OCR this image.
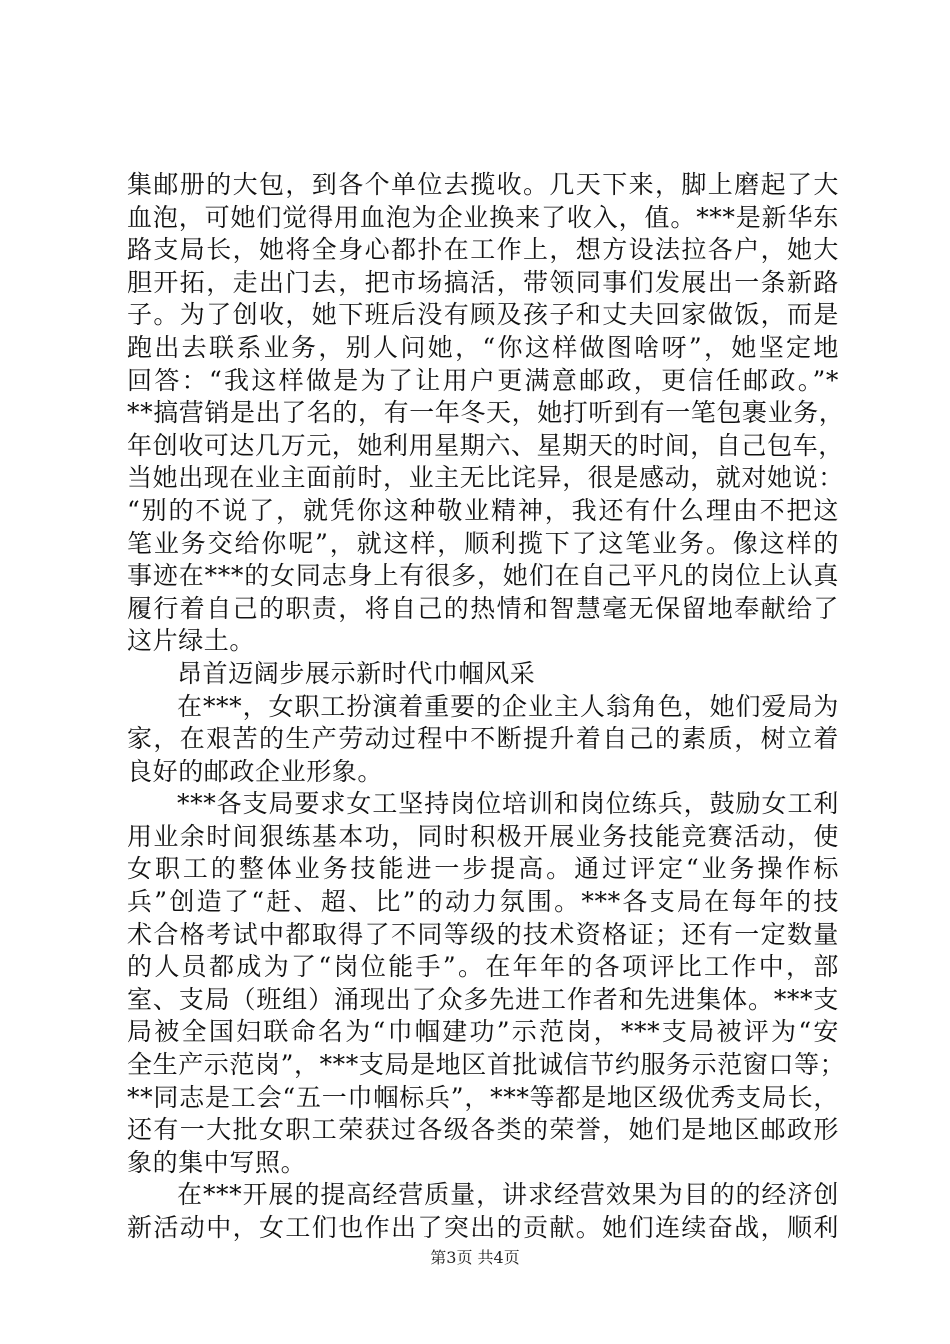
集邮册的大包，到各个单位去揽收。几天下来，脚上磨起了大
血泡，可她们觉得用血泡为企业换来了收入，值。***是新华东
路支局长，她将全身心都扑在工作上，想方设法拉各户，她大
胆开拓，走出门去，把市场搞活，带领同事们发展出一条新路
子。为了创收，她下班后没有顾及孩子和丈夫回家做饭，而是
跑出去联系业务，别人问她，“你这样做图啥呀”，她坚定地
回答：“我这样做是为了让用户更满意邮政，更信任邮政。”*
**搞营销是出了名的，有一年冬天，她打听到有一笔包裹业务，
年创收可达几万元，她利用星期六、星期天的时间，自己包车，
当她出现在业主面前时，业主无比诧异，很是感动，就对她说：
“别的不说了，就凭你这种敬业精神，我还有什么理由不把这
笔业务交给你呢”，就这样，顺利揽下了这笔业务。像这样的
事迹在***的女同志身上有很多，她们在自己平凡的岗位上认真
履行着自己的职责，将自己的热情和智慧毫无保留地奉献给了
这片绿土。
昂首迈阔步展示新时代巾帼风采
在***，女职工扮演着重要的企业主人翁角色，她们爱局为
家，在艰苦的生产劳动过程中不断提升着自己的素质，树立着
良好的邮政企业形象。
***各支局要求女工坚持岗位培训和岗位练兵，鼓励女工利
用业余时间狠练基本功，同时积极开展业务技能竞赛活动，使
女职工的整体业务技能进一步提高。通过评定“业务操作标
兵”创造了“赶、超、比”的动力氛围。***各支局在每年的技
术合格考试中都取得了不同等级的技术资格证；还有一定数量
的人员都成为了“岗位能手”。在年年的各项评比工作中，部
室、支局（班组）涌现出了众多先进工作者和先进集体。***支
局被全国妇联命名为“巾帼建功”示范岗，***支局被评为“安
全生产示范岗”，***支局是地区首批诚信节约服务示范窗口等；
**同志是工会“五一巾帼标兵”，***等都是地区级优秀支局长，
还有一大批女职工荣获过各级各类的荣誉，她们是地区邮政形
象的集中写照。
在***开展的提高经营质量，讲求经营效果为目的的经济创
新活动中，女工们也作出了突出的贡献。她们连续奋战，顺利
第3页 共4页
